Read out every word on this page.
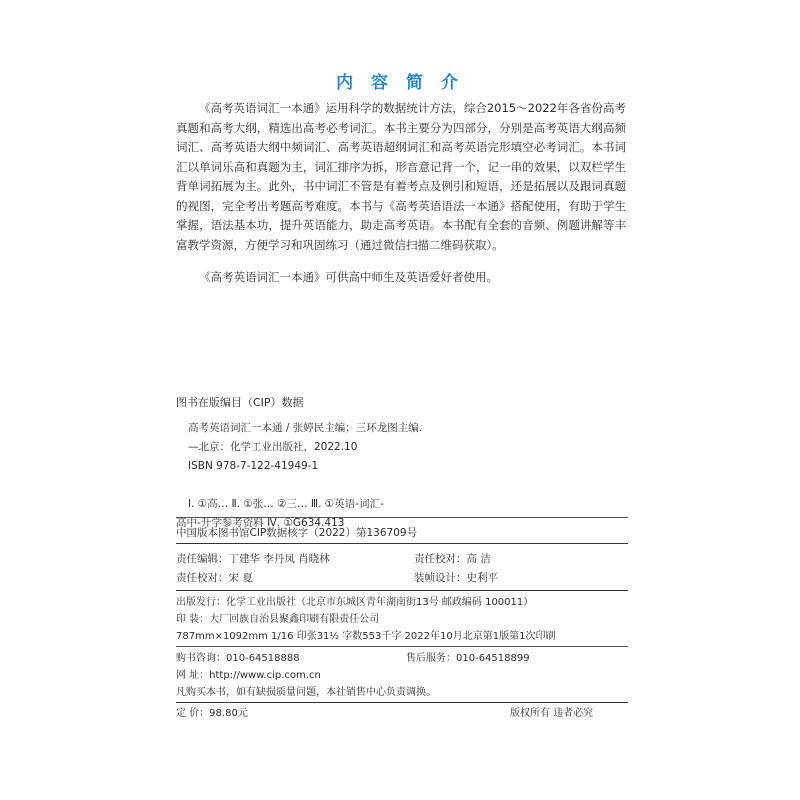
内 容 简 介

《高考英语词汇一本通》运用科学的数据统计方法，综合2015～2022年各省份高考真题和高考大纲，精选出高考必考词汇。本书主要分为四部分，分别是高考英语大纲高频词汇、高考英语大纲中频词汇、高考英语超纲词汇和高考英语完形填空必考词汇。本书词汇以单词乐高和真题为主，词汇排序为拆，形音意记背一个，记一串的效果，以双栏学生背单词拓展为主。此外，书中词汇不管是有着考点及例引和短语，还是拓展以及跟词真题的视图，完全考出考题高考难度。本书与《高考英语语法一本通》搭配使用，有助于学生掌握，语法基本功，提升英语能力，助走高考英语。本书配有全套的音频、例题讲解等丰富教学资源，方便学习和巩固练习（通过微信扫描二维码获取）。

《高考英语词汇一本通》可供高中师生及英语爱好者使用。

图书在版编目（CIP）数据
高考英语词汇一本通 / 张婷民主编；三环龙图主编.
—北京：化学工业出版社，2022.10
ISBN 978-7-122-41949-1
Ⅰ. ①高… Ⅱ. ①张… ②三… Ⅲ. ①英语-词汇-
高中-升学参考资料 Ⅳ. ①G634.413
中国版本图书馆CIP数据核字（2022）第136709号
责任编辑：丁建华 李丹凤 肖晓林	责任校对：高 洁
责任校对：宋 夏	装帧设计：史利平
出版发行：化学工业出版社（北京市东城区青年湖南街13号 邮政编码 100011）
印 装：大厂回族自治县聚鑫印刷有限责任公司
787mm×1092mm 1/16 印张31½ 字数553千字 2022年10月北京第1版第1次印刷
购书咨询：010-64518888	售后服务：010-64518899
网 址：http://www.cip.com.cn
凡购买本书，如有缺损质量问题，本社销售中心负责调换。
定 价：98.80元	版权所有 违者必究
